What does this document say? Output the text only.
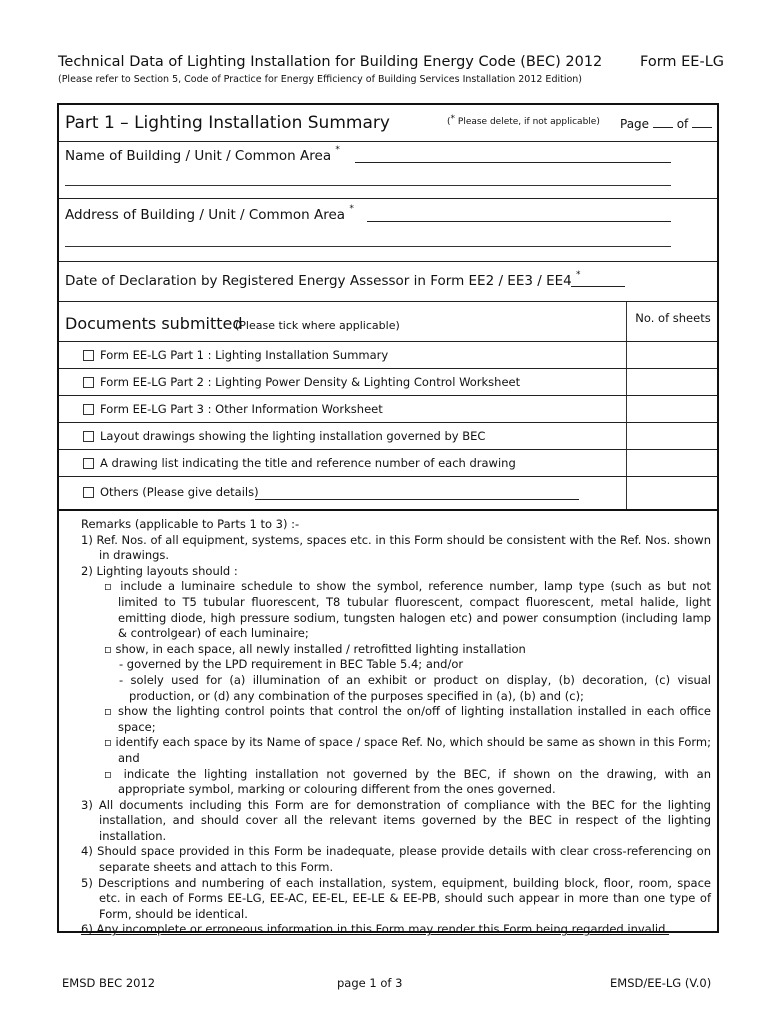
Technical Data of Lighting Installation for Building Energy Code (BEC) 2012	Form EE-LG
(Please refer to Section 5, Code of Practice for Energy Efficiency of Building Services Installation 2012 Edition)
Part 1 – Lighting Installation Summary	(* Please delete, if not applicable) Page of
Name of Building / Unit / Common Area *
Address of Building / Unit / Common Area *
Date of Declaration by Registered Energy Assessor in Form EE2 / EE3 / EE4 *
Documents submitted
(Please tick where applicable)
No. of sheets
Form EE-LG Part 1 : Lighting Installation Summary
Form EE-LG Part 2 : Lighting Power Density & Lighting Control Worksheet
Form EE-LG Part 3 : Other Information Worksheet
Layout drawings showing the lighting installation governed by BEC
A drawing list indicating the title and reference number of each drawing
Others (Please give details)

Remarks (applicable to Parts 1 to 3) :-

1) Ref. Nos. of all equipment, systems, spaces etc. in this Form should be consistent with the Ref. Nos. shown in drawings.

2) Lighting layouts should :

▫ include a luminaire schedule to show the symbol, reference number, lamp type (such as but not limited to T5 tubular fluorescent, T8 tubular fluorescent, compact fluorescent, metal halide, light emitting diode, high pressure sodium, tungsten halogen etc) and power consumption (including lamp & controlgear) of each luminaire;

▫ show, in each space, all newly installed / retrofitted lighting installation

- governed by the LPD requirement in BEC Table 5.4; and/or

- solely used for (a) illumination of an exhibit or product on display, (b) decoration, (c) visual production, or (d) any combination of the purposes specified in (a), (b) and (c);

▫ show the lighting control points that control the on/off of lighting installation installed in each office space;

▫ identify each space by its Name of space / space Ref. No, which should be same as shown in this Form; and

▫ indicate the lighting installation not governed by the BEC, if shown on the drawing, with an appropriate symbol, marking or colouring different from the ones governed.

3) All documents including this Form are for demonstration of compliance with the BEC for the lighting installation, and should cover all the relevant items governed by the BEC in respect of the lighting installation.

4) Should space provided in this Form be inadequate, please provide details with clear cross-referencing on separate sheets and attach to this Form.

5) Descriptions and numbering of each installation, system, equipment, building block, floor, room, space etc. in each of Forms EE-LG, EE-AC, EE-EL, EE-LE & EE-PB, should such appear in more than one type of Form, should be identical.

6) Any incomplete or erroneous information in this Form may render this Form being regarded invalid.

EMSD BEC 2012	page 1 of 3	EMSD/EE-LG (V.0)
